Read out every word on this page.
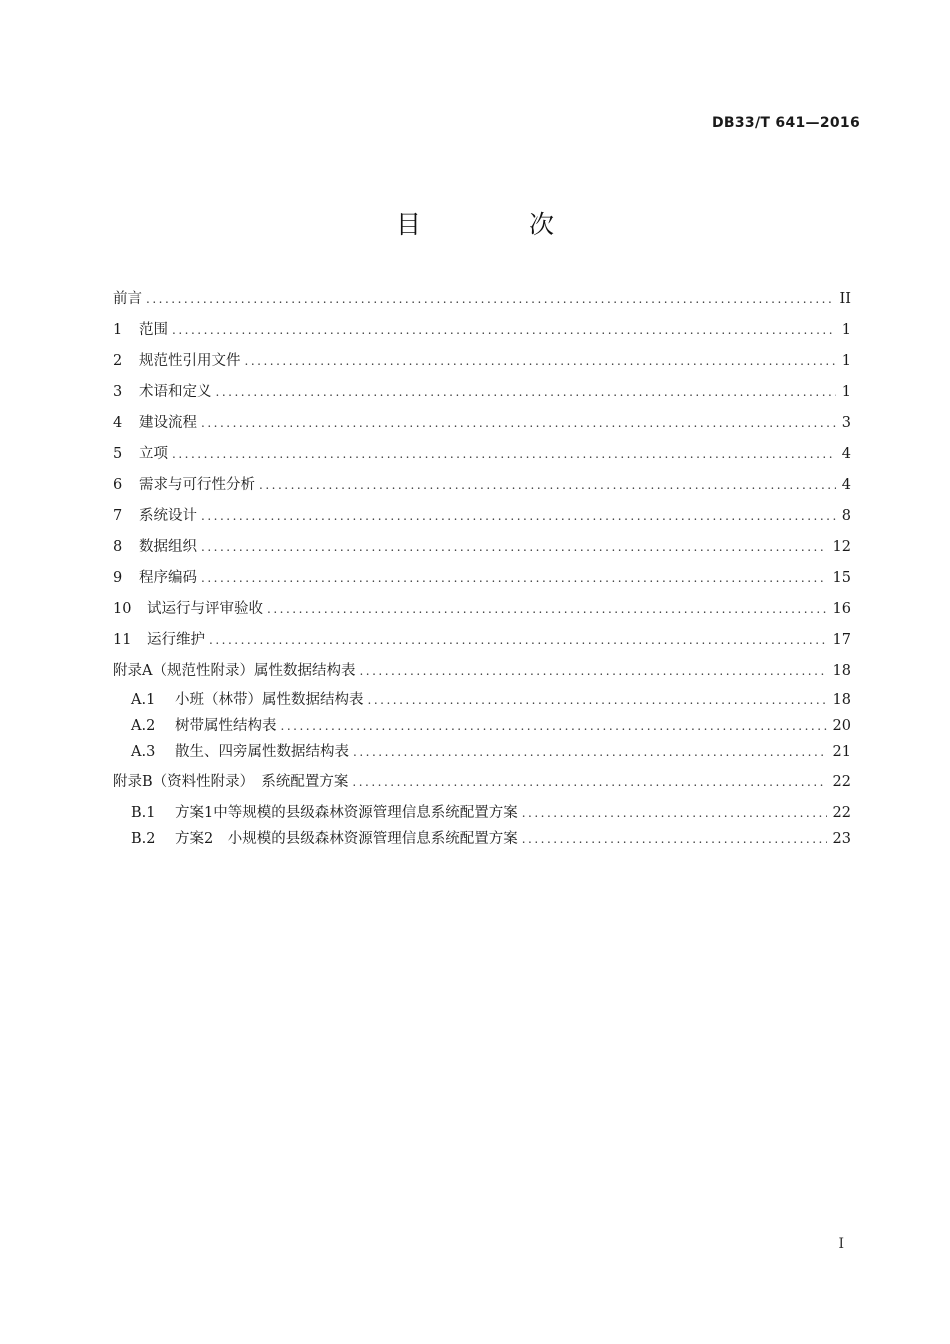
DB33/T 641—2016
目 次
前言 .....	II
1	范围 .....	1
2	规范性引用文件 .....	1
3	术语和定义 .....	1
4	建设流程 .....	3
5	立项 .....	4
6	需求与可行性分析 .....	4
7	系统设计 .....	8
8	数据组织 .....	12
9	程序编码 .....	15
10	试运行与评审验收 .....	16
11	运行维护 .....	17
附录A（规范性附录）属性数据结构表 .....	18
A.1	小班（林带）属性数据结构表 .....	18
A.2	树带属性结构表 .....	20
A.3	散生、四旁属性数据结构表 .....	21
附录B（资料性附录）　系统配置方案 .....	22
B.1	方案1中等规模的县级森林资源管理信息系统配置方案 .....	22
B.2	方案2　小规模的县级森林资源管理信息系统配置方案 .....	23
I
